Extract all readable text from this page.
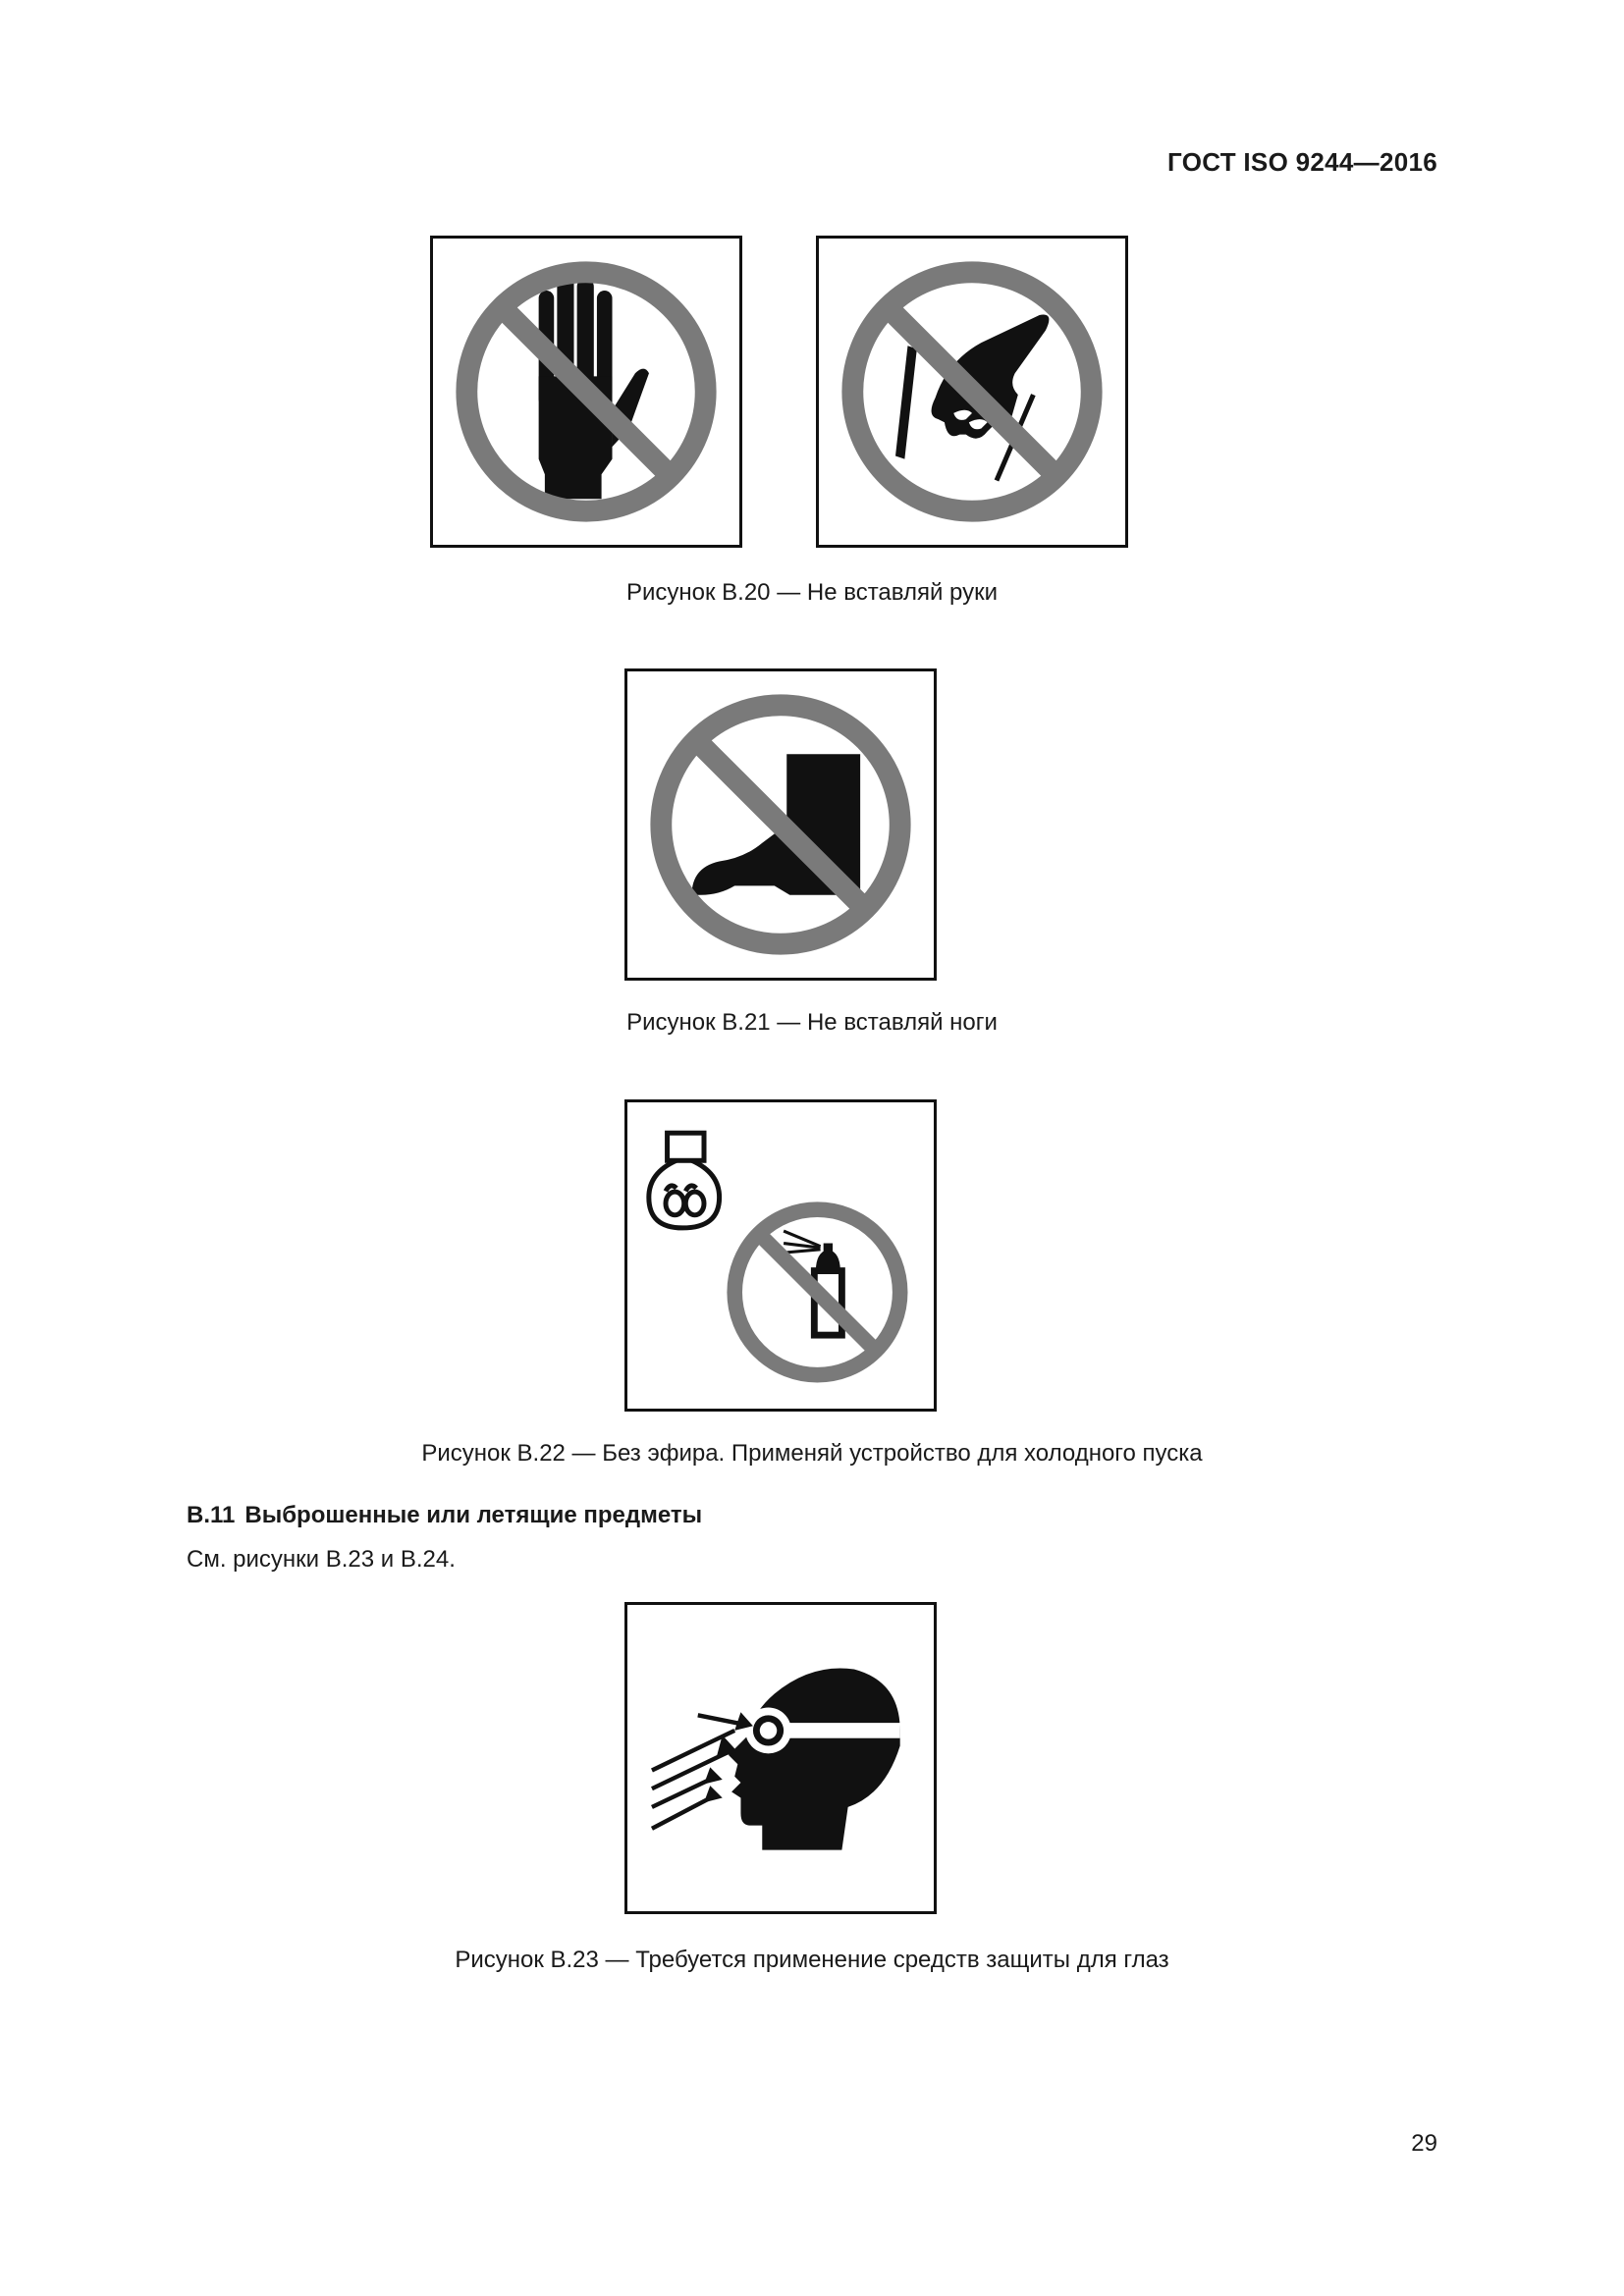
ГОСТ ISO 9244—2016
Рисунок B.20 — Не вставляй руки
Рисунок B.21 — Не вставляй ноги
Рисунок B.22 — Без эфира. Применяй устройство для холодного пуска
B.11 Выброшенные или летящие предметы
См. рисунки B.23 и B.24.
Рисунок B.23 — Требуется применение средств защиты для глаз
29
